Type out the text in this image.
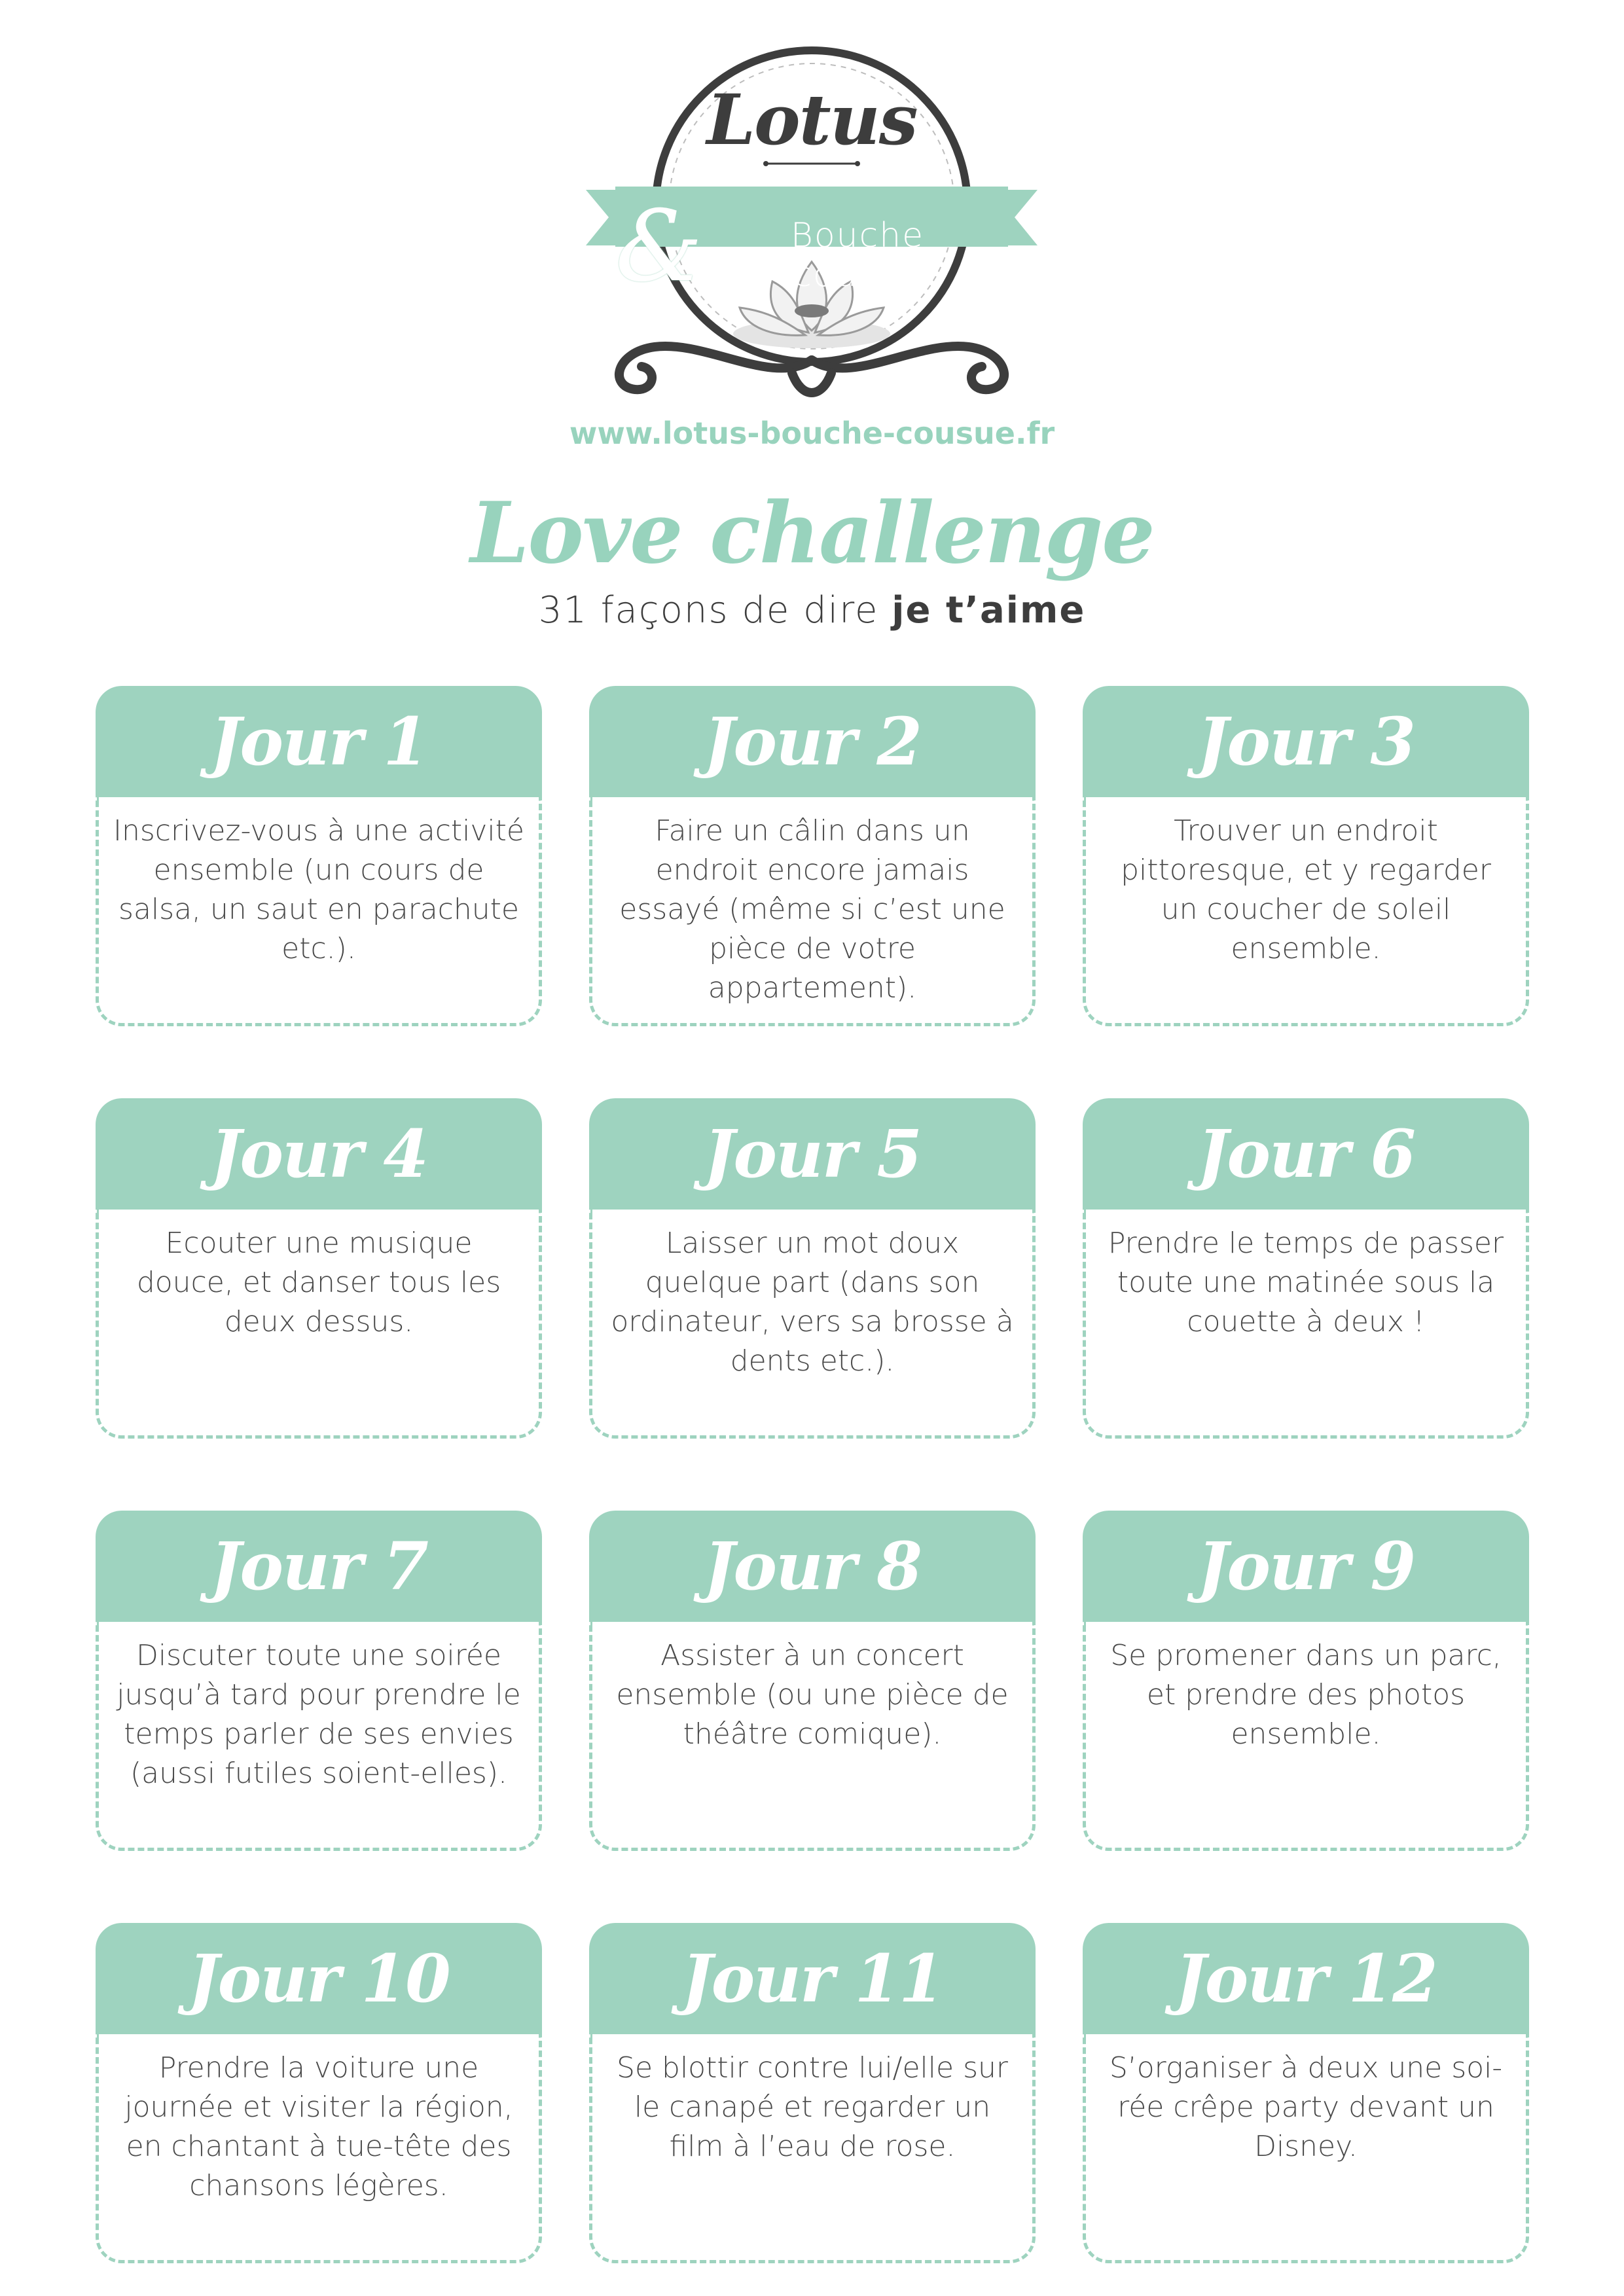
Lotus
&	Bouche cousue
www.lotus-bouche-cousue.fr
Love challenge
31 façons de dire je t’aime
Jour 1
Inscrivez-vous à une activité ensemble (un cours de salsa, un saut en parachute etc.).
Jour 2
Faire un câlin dans un endroit encore jamais essayé (même si c’est une pièce de votre appartement).
Jour 3
Trouver un endroit pittoresque, et y regarder un coucher de soleil ensemble.
Jour 4
Ecouter une musique douce, et danser tous les deux dessus.
Jour 5
Laisser un mot doux quelque part (dans son ordinateur, vers sa brosse à dents etc.).
Jour 6
Prendre le temps de passer toute une matinée sous la couette à deux !
Jour 7
Discuter toute une soirée jusqu’à tard pour prendre le temps parler de ses envies (aussi futiles soient-elles).
Jour 8
Assister à un concert ensemble (ou une pièce de théâtre comique).
Jour 9
Se promener dans un parc, et prendre des photos ensemble.
Jour 10
Prendre la voiture une journée et visiter la région, en chantant à tue-tête des chansons légères.
Jour 11
Se blottir contre lui/elle sur le canapé et regarder un film à l’eau de rose.
Jour 12
S’organiser à deux une soi-rée crêpe party devant un Disney.
